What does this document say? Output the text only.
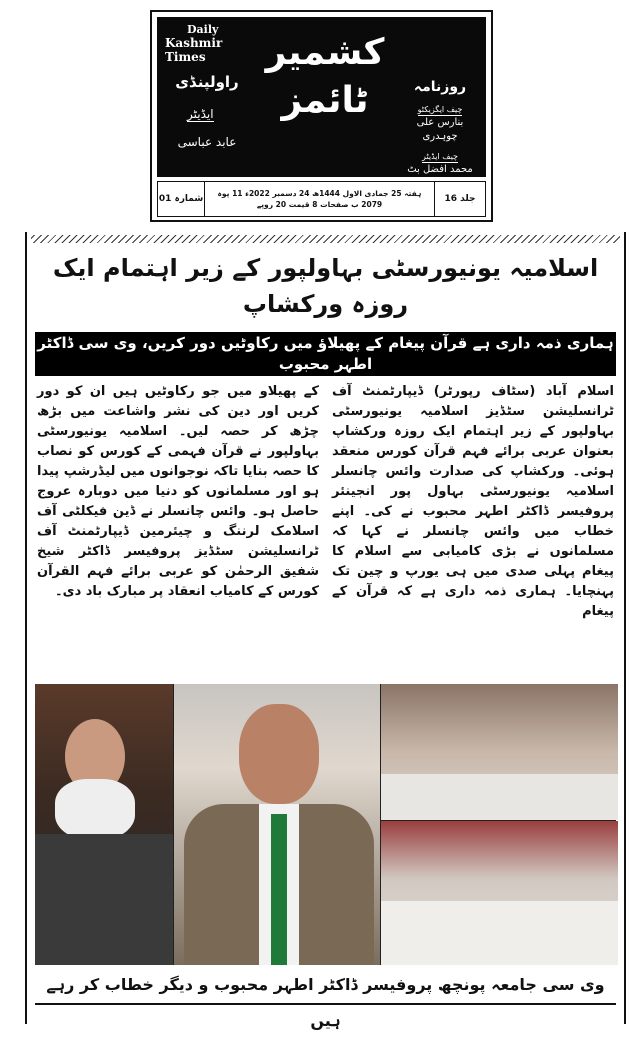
Daily
Kashmir Times
راولپنڈی
ایڈیٹر
عابد عباسی
کشمیر ٹائمز	روزنامہ
چیف ایگزیکٹو
بنارس علی چوہدری
چیف ایڈیٹر
محمد افضل بٹ
شمارہ 01
ہفتہ 25 جمادی الاول 1444ھ 24 دسمبر 2022ء 11 پوہ 2079 ب صفحات 8 قیمت 20 روپے
جلد 16
اسلامیہ یونیورسٹی بہاولپور کے زیر اہتمام ایک روزہ ورکشاپ
ہماری ذمہ داری ہے قرآن پیغام کے پھیلاؤ میں رکاوٹیں دور کریں، وی سی ڈاکٹر اطہر محبوب
اسلام آباد (سٹاف رپورٹر) ڈیپارٹمنٹ آف ٹرانسلیشن سٹڈیز اسلامیہ یونیورسٹی بہاولپور کے زیر اہتمام ایک روزہ ورکشاپ بعنوان عربی برائے فہم قرآن کورس منعقد ہوئی۔ ورکشاپ کی صدارت وائس چانسلر اسلامیہ یونیورسٹی بہاول پور انجینئر پروفیسر ڈاکٹر اطہر محبوب نے کی۔ اپنے خطاب میں وائس چانسلر نے کہا کہ مسلمانوں نے بڑی کامیابی سے اسلام کا پیغام پہلی صدی میں ہی یورپ و چین تک پہنچایا۔ ہماری ذمہ داری ہے کہ قرآن کے پیغام
کے پھیلاو میں جو رکاوٹیں ہیں ان کو دور کریں اور دین کی نشر واشاعت میں بڑھ چڑھ کر حصہ لیں۔ اسلامیہ یونیورسٹی بہاولپور نے قرآن فہمی کے کورس کو نصاب کا حصہ بنایا تاکہ نوجوانوں میں لیڈرشپ پیدا ہو اور مسلمانوں کو دنیا میں دوبارہ عروج حاصل ہو۔ وائس چانسلر نے ڈین فیکلٹی آف اسلامک لرننگ و چیئرمین ڈیپارٹمنٹ آف ٹرانسلیشن سٹڈیز پروفیسر ڈاکٹر شیخ شفیق الرحمٰن کو عربی برائے فہم القرآن کورس کے کامیاب انعقاد پر مبارک باد دی۔
وی سی جامعہ پونچھ پروفیسر ڈاکٹر اطہر محبوب و دیگر خطاب کر رہے ہیں
